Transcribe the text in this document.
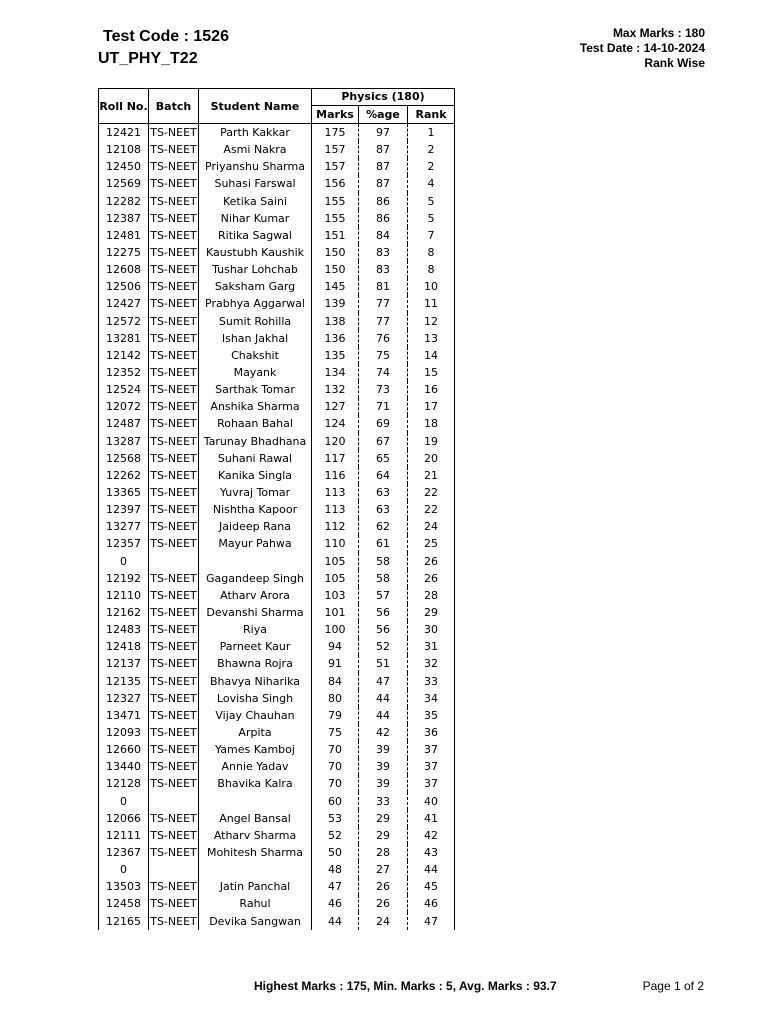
Test Code : 1526
UT_PHY_T22
Max Marks : 180
Test Date : 14-10-2024
Rank Wise
Roll No.	Batch	Student Name	Physics (180)		
			Marks	%age	Rank
12421	TS-NEET	Parth Kakkar	175	97	1
12108	TS-NEET	Asmi Nakra	157	87	2
12450	TS-NEET	Priyanshu Sharma	157	87	2
12569	TS-NEET	Suhasi Farswal	156	87	4
12282	TS-NEET	Ketika Saini	155	86	5
12387	TS-NEET	Nihar Kumar	155	86	5
12481	TS-NEET	Ritika Sagwal	151	84	7
12275	TS-NEET	Kaustubh Kaushik	150	83	8
12608	TS-NEET	Tushar Lohchab	150	83	8
12506	TS-NEET	Saksham Garg	145	81	10
12427	TS-NEET	Prabhya Aggarwal	139	77	11
12572	TS-NEET	Sumit Rohilla	138	77	12
13281	TS-NEET	Ishan Jakhal	136	76	13
12142	TS-NEET	Chakshit	135	75	14
12352	TS-NEET	Mayank	134	74	15
12524	TS-NEET	Sarthak Tomar	132	73	16
12072	TS-NEET	Anshika Sharma	127	71	17
12487	TS-NEET	Rohaan Bahal	124	69	18
13287	TS-NEET	Tarunay Bhadhana	120	67	19
12568	TS-NEET	Suhani Rawal	117	65	20
12262	TS-NEET	Kanika Singla	116	64	21
13365	TS-NEET	Yuvraj Tomar	113	63	22
12397	TS-NEET	Nishtha Kapoor	113	63	22
13277	TS-NEET	Jaideep Rana	112	62	24
12357	TS-NEET	Mayur Pahwa	110	61	25
0			105	58	26
12192	TS-NEET	Gagandeep Singh	105	58	26
12110	TS-NEET	Atharv Arora	103	57	28
12162	TS-NEET	Devanshi Sharma	101	56	29
12483	TS-NEET	Riya	100	56	30
12418	TS-NEET	Parneet Kaur	94	52	31
12137	TS-NEET	Bhawna Rojra	91	51	32
12135	TS-NEET	Bhavya Niharika	84	47	33
12327	TS-NEET	Lovisha Singh	80	44	34
13471	TS-NEET	Vijay Chauhan	79	44	35
12093	TS-NEET	Arpita	75	42	36
12660	TS-NEET	Yames Kamboj	70	39	37
13440	TS-NEET	Annie Yadav	70	39	37
12128	TS-NEET	Bhavika Kalra	70	39	37
0			60	33	40
12066	TS-NEET	Angel Bansal	53	29	41
12111	TS-NEET	Atharv Sharma	52	29	42
12367	TS-NEET	Mohitesh Sharma	50	28	43
0			48	27	44
13503	TS-NEET	Jatin Panchal	47	26	45
12458	TS-NEET	Rahul	46	26	46
12165	TS-NEET	Devika Sangwan	44	24	47
Highest Marks : 175, Min. Marks : 5, Avg. Marks : 93.7	Page 1 of 2
